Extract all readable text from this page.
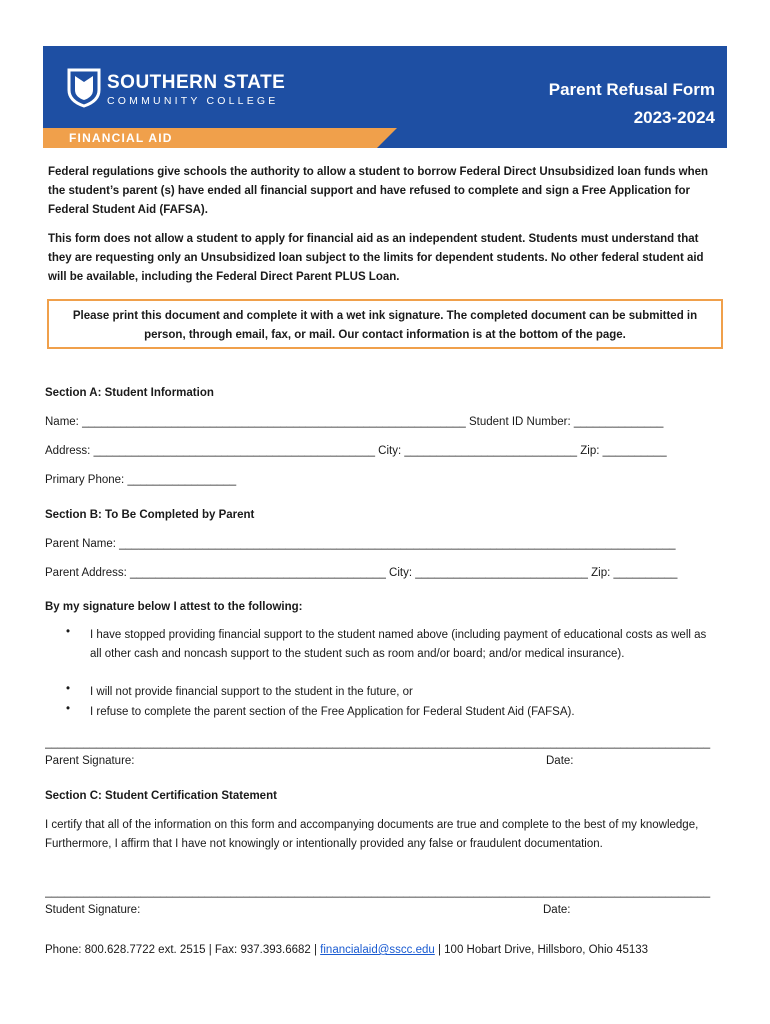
SOUTHERN STATE
COMMUNITY COLLEGE
Parent Refusal Form
2023-2024
FINANCIAL AID
Federal regulations give schools the authority to allow a student to borrow Federal Direct Unsubsidized loan funds when the student’s parent (s) have ended all financial support and have refused to complete and sign a Free Application for Federal Student Aid (FAFSA).
This form does not allow a student to apply for financial aid as an independent student. Students must understand that they are requesting only an Unsubsidized loan subject to the limits for dependent students. No other federal student aid will be available, including the Federal Direct Parent PLUS Loan.
Please print this document and complete it with a wet ink signature. The completed document can be submitted in person, through email, fax, or mail. Our contact information is at the bottom of the page.
Section A: Student Information
Name: ____________________________________________________________ Student ID Number: ______________
Address: ____________________________________________ City: ___________________________ Zip: __________
Primary Phone: _________________
Section B: To Be Completed by Parent
Parent Name: _______________________________________________________________________________________
Parent Address: ________________________________________ City: ___________________________ Zip: __________
By my signature below I attest to the following:
• I have stopped providing financial support to the student named above (including payment of educational costs as well as all other cash and noncash support to the student such as room and/or board; and/or medical insurance).
• I will not provide financial support to the student in the future, or
• I refuse to complete the parent section of the Free Application for Federal Student Aid (FAFSA).
________________________________________________________________________________________________________
Parent Signature:	Date:
Section C: Student Certification Statement
I certify that all of the information on this form and accompanying documents are true and complete to the best of my knowledge, Furthermore, I affirm that I have not knowingly or intentionally provided any false or fraudulent documentation.
________________________________________________________________________________________________________
Student Signature:	Date:
Phone: 800.628.7722 ext. 2515 | Fax: 937.393.6682 | financialaid@sscc.edu | 100 Hobart Drive, Hillsboro, Ohio 45133
